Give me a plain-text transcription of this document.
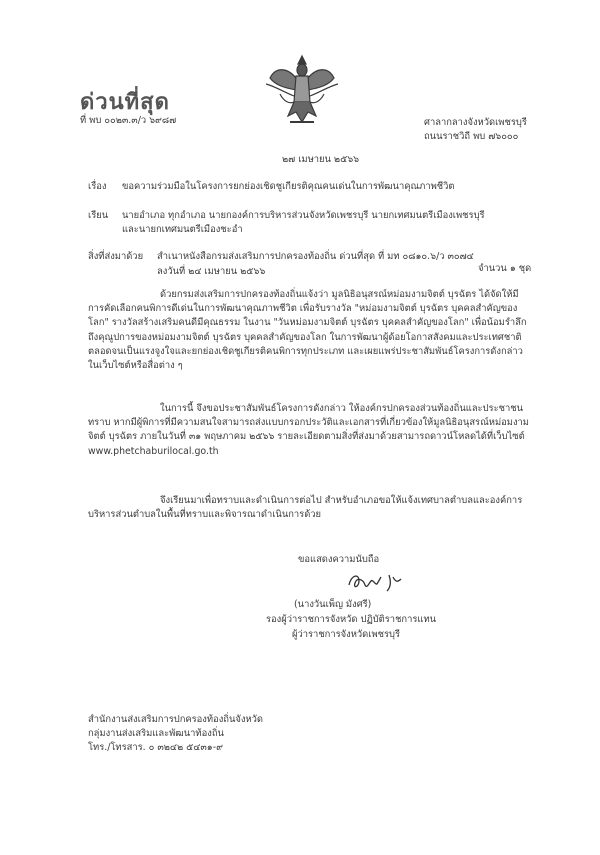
ด่วนที่สุด
ที่ พบ ๐๐๒๓.๓/ว ๖๙๘๗	ศาลากลางจังหวัดเพชรบุรี
ถนนราชวิถี พบ ๗๖๐๐๐
๒๗ เมษายน ๒๕๖๖
เรื่อง ขอความร่วมมือในโครงการยกย่องเชิดชูเกียรติคุณคนเด่นในการพัฒนาคุณภาพชีวิต
เรียน นายอำเภอ ทุกอำเภอ นายกองค์การบริหารส่วนจังหวัดเพชรบุรี นายกเทศมนตรีเมืองเพชรบุรี
และนายกเทศมนตรีเมืองชะอำ
สิ่งที่ส่งมาด้วย สำเนาหนังสือกรมส่งเสริมการปกครองท้องถิ่น ด่วนที่สุด ที่ มท ๐๘๑๐.๖/ว ๓๐๗๔
ลงวันที่ ๒๔ เมษายน ๒๕๖๖	จำนวน ๑ ชุด
ด้วยกรมส่งเสริมการปกครองท้องถิ่นแจ้งว่า มูลนิธิอนุสรณ์หม่อมงามจิตต์ บุรฉัตร ได้จัดให้มีการคัดเลือกคนพิการดีเด่นในการพัฒนาคุณภาพชีวิต เพื่อรับรางวัล "หม่อมงามจิตต์ บุรฉัตร บุคคลสำคัญของโลก" รางวัลสร้างเสริมคนดีมีคุณธรรม ในงาน "วันหม่อมงามจิตต์ บุรฉัตร บุคคลสำคัญของโลก" เพื่อน้อมรำลึกถึงคุณูปการของหม่อมงามจิตต์ บุรฉัตร บุคคลสำคัญของโลก ในการพัฒนาผู้ด้อยโอกาสสังคมและประเทศชาติ ตลอดจนเป็นแรงจูงใจและยกย่องเชิดชูเกียรติคนพิการทุกประเภท และเผยแพร่ประชาสัมพันธ์โครงการดังกล่าวในเว็บไซต์หรือสื่อต่าง ๆ
ในการนี้ จึงขอประชาสัมพันธ์โครงการดังกล่าว ให้องค์กรปกครองส่วนท้องถิ่นและประชาชนทราบ หากมีผู้พิการที่มีความสนใจสามารถส่งแบบกรอกประวัติและเอกสารที่เกี่ยวข้องให้มูลนิธิอนุสรณ์หม่อมงามจิตต์ บุรฉัตร ภายในวันที่ ๓๑ พฤษภาคม ๒๕๖๖ รายละเอียดตามสิ่งที่ส่งมาด้วยสามารถดาวน์โหลดได้ที่เว็บไซต์ www.phetchaburilocal.go.th
จึงเรียนมาเพื่อทราบและดำเนินการต่อไป สำหรับอำเภอขอให้แจ้งเทศบาลตำบลและองค์การบริหารส่วนตำบลในพื้นที่ทราบและพิจารณาดำเนินการด้วย
ขอแสดงความนับถือ
(นางวันเพ็ญ มังศรี)
รองผู้ว่าราชการจังหวัด ปฏิบัติราชการแทน
ผู้ว่าราชการจังหวัดเพชรบุรี
สำนักงานส่งเสริมการปกครองท้องถิ่นจังหวัด
กลุ่มงานส่งเสริมและพัฒนาท้องถิ่น
โทร./โทรสาร. ๐ ๓๒๔๒ ๕๔๓๑-๙
